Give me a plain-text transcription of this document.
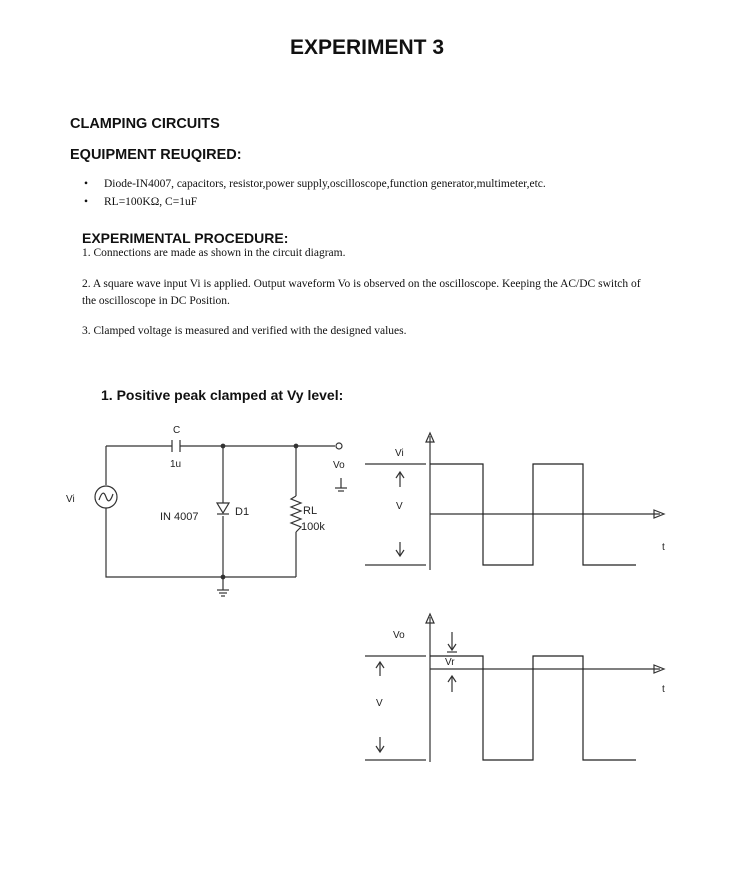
EXPERIMENT 3
CLAMPING CIRCUITS
EQUIPMENT REUQIRED:
• Diode-IN4007, capacitors, resistor,power supply,oscilloscope,function generator,multimeter,etc.
• RL=100KΩ, C=1uF
EXPERIMENTAL PROCEDURE:
1. Connections are made as shown in the circuit diagram.
2. A square wave input Vi is applied. Output waveform Vo is observed on the oscilloscope. Keeping the AC/DC switch of the oscilloscope in DC Position.
3. Clamped voltage is measured and verified with the designed values.
1. Positive peak clamped at Vy level:
Vi
C
1u	Vo
IN 4007	D1	RL
100k
Vi
V
t
Vo
Vr
V
t
